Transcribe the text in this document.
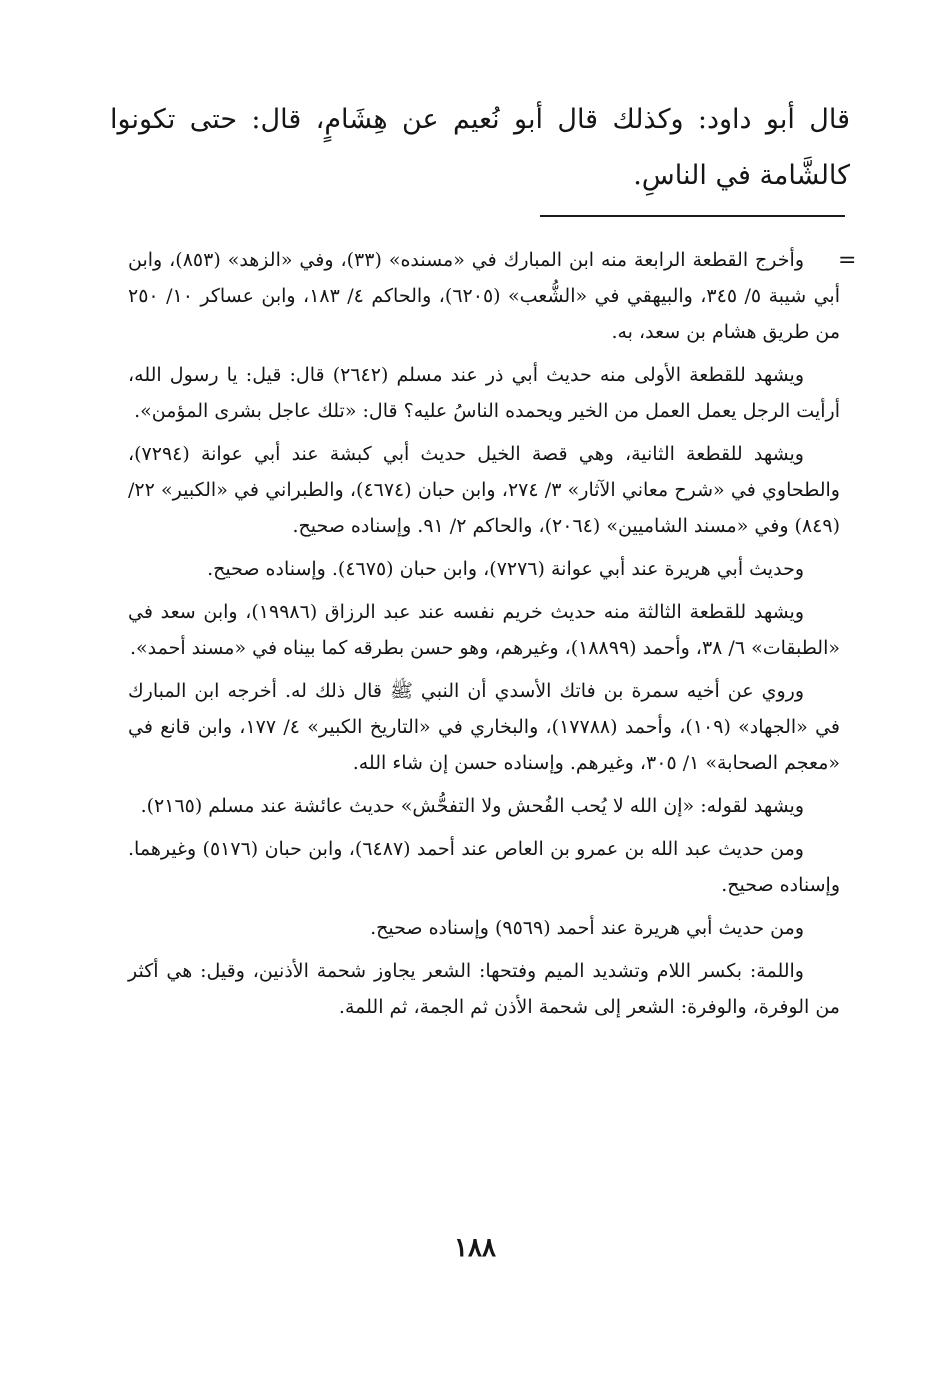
قال أبو داود: وكذلك قال أبو نُعيم عن هِشَامٍ، قال: حتى تكونوا كالشَّامة في الناسِ.

=

وأخرج القطعة الرابعة منه ابن المبارك في «مسنده» (٣٣)، وفي «الزهد» (٨٥٣)، وابن أبي شيبة ٥/ ٣٤٥، والبيهقي في «الشُّعب» (٦٢٠٥)، والحاكم ٤/ ١٨٣، وابن عساكر ١٠/ ٢٥٠ من طريق هشام بن سعد، به.

ويشهد للقطعة الأولى منه حديث أبي ذر عند مسلم (٢٦٤٢) قال: قيل: يا رسول الله، أرأيت الرجل يعمل العمل من الخير ويحمده الناسُ عليه؟ قال: «تلك عاجل بشرى المؤمن».

ويشهد للقطعة الثانية، وهي قصة الخيل حديث أبي كبشة عند أبي عوانة (٧٢٩٤)، والطحاوي في «شرح معاني الآثار» ٣/ ٢٧٤، وابن حبان (٤٦٧٤)، والطبراني في «الكبير» ٢٢/ (٨٤٩) وفي «مسند الشاميين» (٢٠٦٤)، والحاكم ٢/ ٩١. وإسناده صحيح.

وحديث أبي هريرة عند أبي عوانة (٧٢٧٦)، وابن حبان (٤٦٧٥). وإسناده صحيح.

ويشهد للقطعة الثالثة منه حديث خريم نفسه عند عبد الرزاق (١٩٩٨٦)، وابن سعد في «الطبقات» ٦/ ٣٨، وأحمد (١٨٨٩٩)، وغيرهم، وهو حسن بطرقه كما بيناه في «مسند أحمد».

وروي عن أخيه سمرة بن فاتك الأسدي أن النبي ﷺ قال ذلك له. أخرجه ابن المبارك في «الجهاد» (١٠٩)، وأحمد (١٧٧٨٨)، والبخاري في «التاريخ الكبير» ٤/ ١٧٧، وابن قانع في «معجم الصحابة» ١/ ٣٠٥، وغيرهم. وإسناده حسن إن شاء الله.

ويشهد لقوله: «إن الله لا يُحب الفُحش ولا التفحُّش» حديث عائشة عند مسلم (٢١٦٥).

ومن حديث عبد الله بن عمرو بن العاص عند أحمد (٦٤٨٧)، وابن حبان (٥١٧٦) وغيرهما. وإسناده صحيح.

ومن حديث أبي هريرة عند أحمد (٩٥٦٩) وإسناده صحيح.

واللمة: بكسر اللام وتشديد الميم وفتحها: الشعر يجاوز شحمة الأذنين، وقيل: هي أكثر من الوفرة، والوفرة: الشعر إلى شحمة الأذن ثم الجمة، ثم اللمة.

١٨٨
